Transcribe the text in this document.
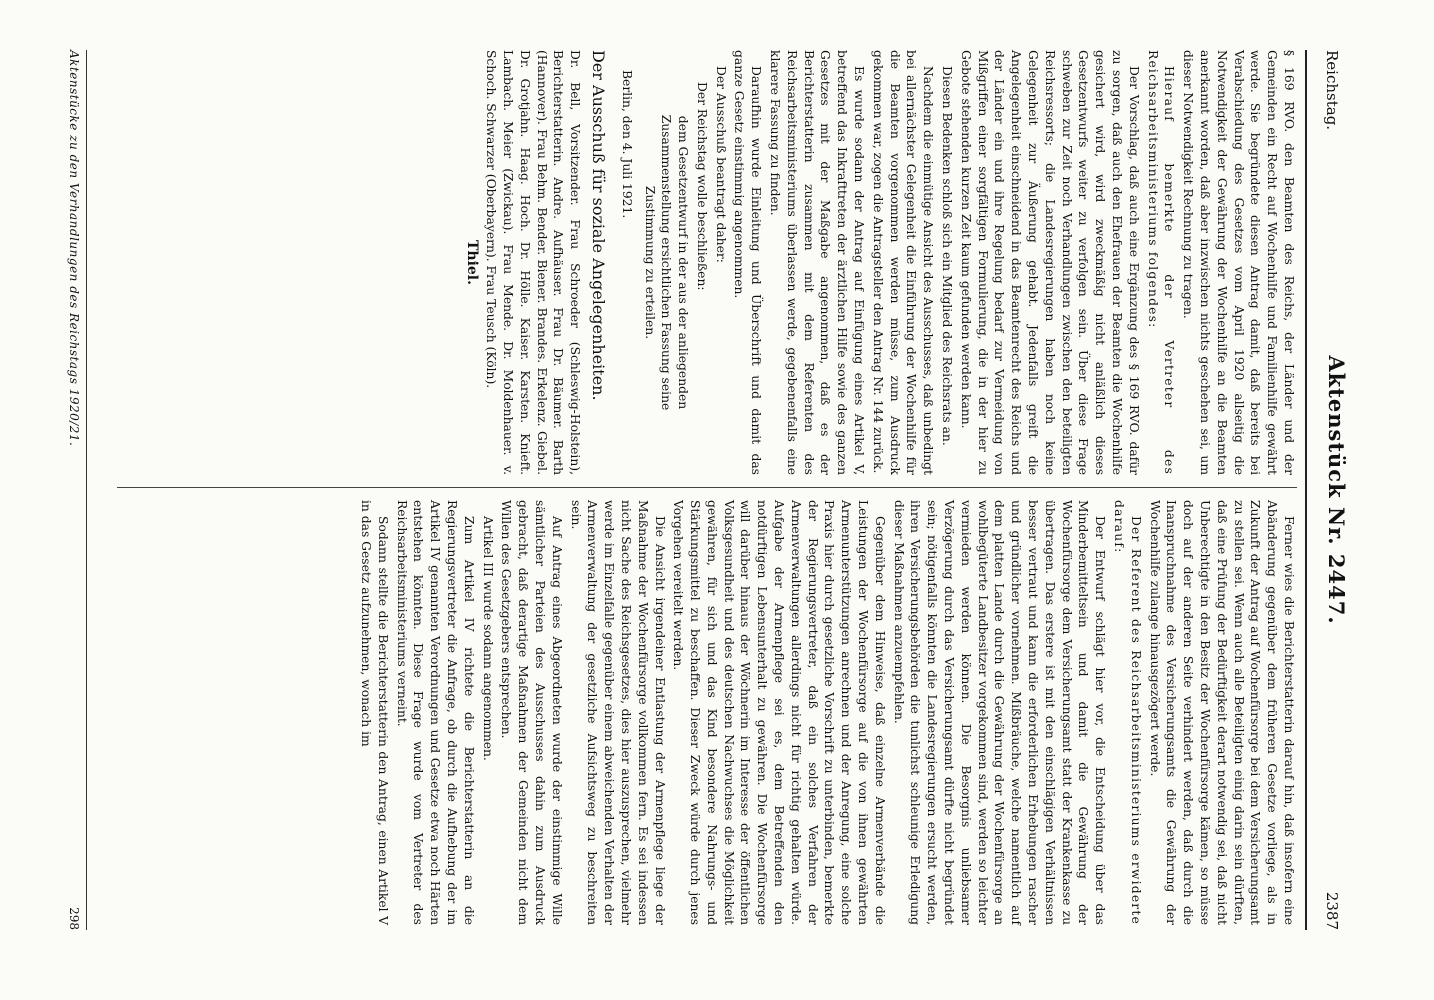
Reichstag.
Aktenstück Nr. 2447.
2387

§ 169 RVO. den Beamten des Reichs, der Länder und der Gemeinden ein Recht auf Wochenhilfe und Familienhilfe gewährt werde. Sie begründete diesen Antrag damit, daß bereits bei Verabschiedung des Gesetzes vom April 1920 allseitig die Notwendigkeit der Gewährung der Wochenhilfe an die Beamten anerkannt worden, daß aber inzwischen nichts geschehen sei, um dieser Notwendigkeit Rechnung zu tragen.

Hierauf bemerkte der Vertreter des Reichsarbeitsministeriums folgendes:

Der Vorschlag, daß auch eine Ergänzung des § 169 RVO. dafür zu sorgen, daß auch den Ehefrauen der Beamten die Wochenhilfe gesichert wird, wird zweckmäßig nicht anläßlich dieses Gesetzentwurfs weiter zu verfolgen sein. Über diese Frage schweben zur Zeit noch Verhandlungen zwischen den beteiligten Reichsressorts; die Landesregierungen haben noch keine Gelegenheit zur Äußerung gehabt. Jedenfalls greift die Angelegenheit einschneidend in das Beamtenrecht des Reichs und der Länder ein und ihre Regelung bedarf zur Vermeidung von Mißgriffen einer sorgfältigen Formulierung, die in der hier zu Gebote stehenden kurzen Zeit kaum gefunden werden kann.

Diesen Bedenken schloß sich ein Mitglied des Reichsrats an.

Nachdem die einmütige Ansicht des Ausschusses, daß unbedingt bei allernächster Gelegenheit die Einführung der Wochenhilfe für die Beamten vorgenommen werden müsse, zum Ausdruck gekommen war, zogen die Antragsteller den Antrag Nr. 144 zurück.

Es wurde sodann der Antrag auf Einfügung eines Artikel V, betreffend das Inkrafttreten der ärztlichen Hilfe sowie des ganzen Gesetzes mit der Maßgabe angenommen, daß es der Berichterstatterin zusammen mit dem Referenten des Reichsarbeitsministeriums überlassen werde, gegebenenfalls eine klarere Fassung zu finden.

Daraufhin wurde Einleitung und Überschrift und damit das ganze Gesetz einstimmig angenommen.

Der Ausschuß beantragt daher:

Der Reichstag wolle beschließen:

dem Gesetzentwurf in der aus der anliegenden Zusammenstellung ersichtlichen Fassung seine Zustimmung zu erteilen.

Berlin, den 4. Juli 1921.

Der Ausschuß für soziale Angelegenheiten.

Dr. Bell, Vorsitzender. Frau Schroeder (Schleswig-Holstein), Berichterstatterin. Andre. Aufhäuser. Frau Dr. Bäumer. Barth (Hannover). Frau Behm. Bender. Biener. Brandes. Erkelenz. Giebel. Dr. Grotjahn. Haag. Hoch. Dr. Hölle. Kaiser. Karsten. Knieft. Lambach. Meier (Zwickau). Frau Mende. Dr. Moldenhauer. v. Schoch. Schwarzer (Oberbayern). Frau Teusch (Köln).

Thiel.

Ferner wies die Berichterstatterin darauf hin, daß insofern eine Abänderung gegenüber dem früheren Gesetze vorliege, als in Zukunft der Antrag auf Wochenfürsorge bei dem Versicherungsamt zu stellen sei. Wenn auch alle Beteiligten einig darin sein dürften, daß eine Prüfung der Bedürftigkeit derart notwendig sei, daß nicht Unberechtigte in den Besitz der Wochenfürsorge kämen, so müsse doch auf der anderen Seite verhindert werden, daß durch die Inanspruchnahme des Versicherungsamts die Gewährung der Wochenhilfe zulange hinausgezögert werde.

Der Referent des Reichsarbeitsministeriums erwiderte darauf:

Der Entwurf schlägt hier vor, die Entscheidung über das Minderbemitteltsein und damit die Gewährung der Wochenfürsorge dem Versicherungsamt statt der Krankenkasse zu übertragen. Das erstere ist mit den einschlägigen Verhältnissen besser vertraut und kann die erforderlichen Erhebungen rascher und gründlicher vornehmen. Mißbräuche, welche namentlich auf dem platten Lande durch die Gewährung der Wochenfürsorge an wohlbegüterte Landbesitzer vorgekommen sind, werden so leichter vermieden werden können. Die Besorgnis unliebsamer Verzögerung durch das Versicherungsamt dürfte nicht begründet sein; nötigenfalls könnten die Landesregierungen ersucht werden, ihren Versicherungsbehörden die tunlichst schleunige Erledigung dieser Maßnahmen anzuempfehlen.

Gegenüber dem Hinweise, daß einzelne Armenverbände die Leistungen der Wochenfürsorge auf die von ihnen gewährten Armenunterstützungen anrechnen und der Anregung, eine solche Praxis hier durch gesetzliche Vorschrift zu unterbinden, bemerkte der Regierungsvertreter, daß ein solches Verfahren der Armenverwaltungen allerdings nicht für richtig gehalten würde. Aufgabe der Armenpflege sei es, dem Betreffenden den notdürftigen Lebensunterhalt zu gewähren. Die Wochenfürsorge will darüber hinaus der Wöchnerin im Interesse der öffentlichen Volksgesundheit und des deutschen Nachwuchses die Möglichkeit gewähren, für sich und das Kind besondere Nahrungs- und Stärkungsmittel zu beschaffen. Dieser Zweck würde durch jenes Vorgehen vereitelt werden.

Die Ansicht irgendeiner Entlastung der Armenpflege liege der Maßnahme der Wochenfürsorge vollkommen fern. Es sei indessen nicht Sache des Reichsgesetzes, dies hier auszusprechen, vielmehr werde im Einzelfalle gegenüber einem abweichenden Verhalten der Armenverwaltung der gesetzliche Aufsichtsweg zu beschreiten sein.

Auf Antrag eines Abgeordneten wurde der einstimmige Wille sämtlicher Parteien des Ausschusses dahin zum Ausdruck gebracht, daß derartige Maßnahmen der Gemeinden nicht dem Willen des Gesetzgebers entsprechen.

Artikel III wurde sodann angenommen.

Zum Artikel IV richtete die Berichterstatterin an die Regierungsvertreter die Anfrage, ob durch die Aufhebung der im Artikel IV genannten Verordnungen und Gesetze etwa noch Härten entstehen könnten. Diese Frage wurde vom Vertreter des Reichsarbeitsministeriums verneint.

Sodann stellte die Berichterstatterin den Antrag, einen Artikel V in das Gesetz aufzunehmen, wonach im

Aktenstücke zu den Verhandlungen des Reichstags 1920/21.
298
